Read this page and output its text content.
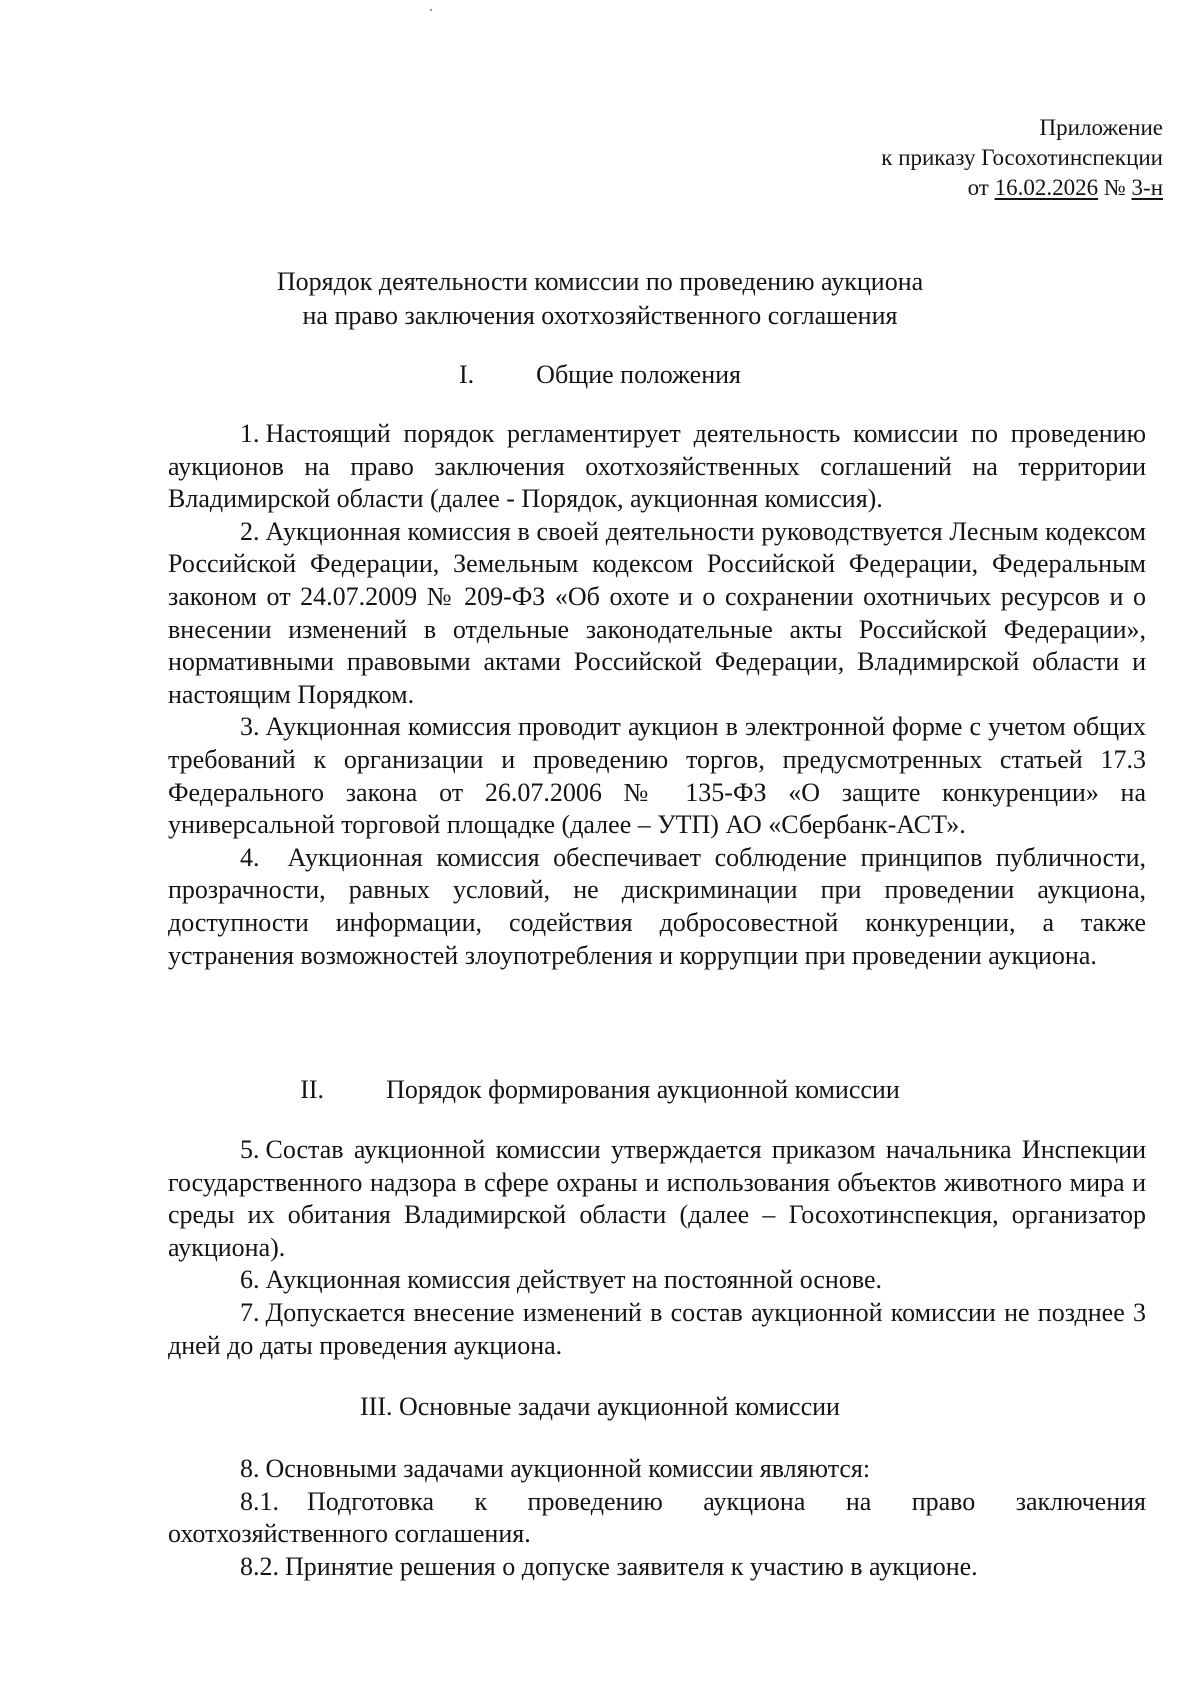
Приложение
к приказу Госохотинспекции
от 16.02.2026 № 3-н
Порядок деятельности комиссии по проведению аукциона
на право заключения охотхозяйственного соглашения
I. Общие положения

1. Настоящий порядок регламентирует деятельность комиссии по проведению аукционов на право заключения охотхозяйственных соглашений на территории Владимирской области (далее - Порядок, аукционная комиссия).

2. Аукционная комиссия в своей деятельности руководствуется Лесным кодексом Российской Федерации, Земельным кодексом Российской Федерации, Федеральным законом от 24.07.2009 № 209-ФЗ «Об охоте и о сохранении охотничьих ресурсов и о внесении изменений в отдельные законодательные акты Российской Федерации», нормативными правовыми актами Российской Федерации, Владимирской области и настоящим Порядком.

3. Аукционная комиссия проводит аукцион в электронной форме с учетом общих требований к организации и проведению торгов, предусмотренных статьей 17.3 Федерального закона от 26.07.2006 № 135-ФЗ «О защите конкуренции» на универсальной торговой площадке (далее – УТП) АО «Сбербанк-АСТ».

4. Аукционная комиссия обеспечивает соблюдение принципов публичности, прозрачности, равных условий, не дискриминации при проведении аукциона, доступности информации, содействия добросовестной конкуренции, а также устранения возможностей злоупотребления и коррупции при проведении аукциона.

II. Порядок формирования аукционной комиссии

5. Состав аукционной комиссии утверждается приказом начальника Инспекции государственного надзора в сфере охраны и использования объектов животного мира и среды их обитания Владимирской области (далее – Госохотинспекция, организатор аукциона).

6. Аукционная комиссия действует на постоянной основе.

7. Допускается внесение изменений в состав аукционной комиссии не позднее 3 дней до даты проведения аукциона.

III. Основные задачи аукционной комиссии

8. Основными задачами аукционной комиссии являются:

8.1. Подготовка к проведению аукциона на право заключения охотхозяйственного соглашения.

8.2. Принятие решения о допуске заявителя к участию в аукционе.
